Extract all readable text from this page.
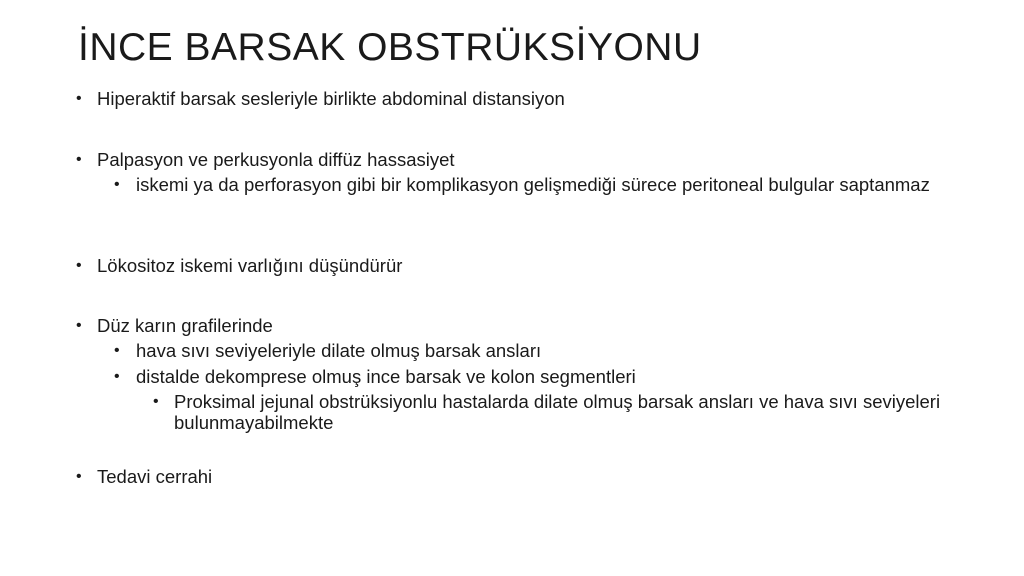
İNCE BARSAK OBSTRÜKSİYONU
• Hiperaktif barsak sesleriyle birlikte abdominal distansiyon

• Palpasyon ve perkusyonla diffüz hassasiyet

• iskemi ya da perforasyon gibi bir komplikasyon gelişmediği sürece peritoneal bulgular saptanmaz

• Lökositoz iskemi varlığını düşündürür

• Düz karın grafilerinde

• hava sıvı seviyeleriyle dilate olmuş barsak ansları

• distalde dekomprese olmuş ince barsak ve kolon segmentleri

• Proksimal jejunal obstrüksiyonlu hastalarda dilate olmuş barsak ansları ve hava sıvı seviyeleri bulunmayabilmekte

• Tedavi cerrahi
